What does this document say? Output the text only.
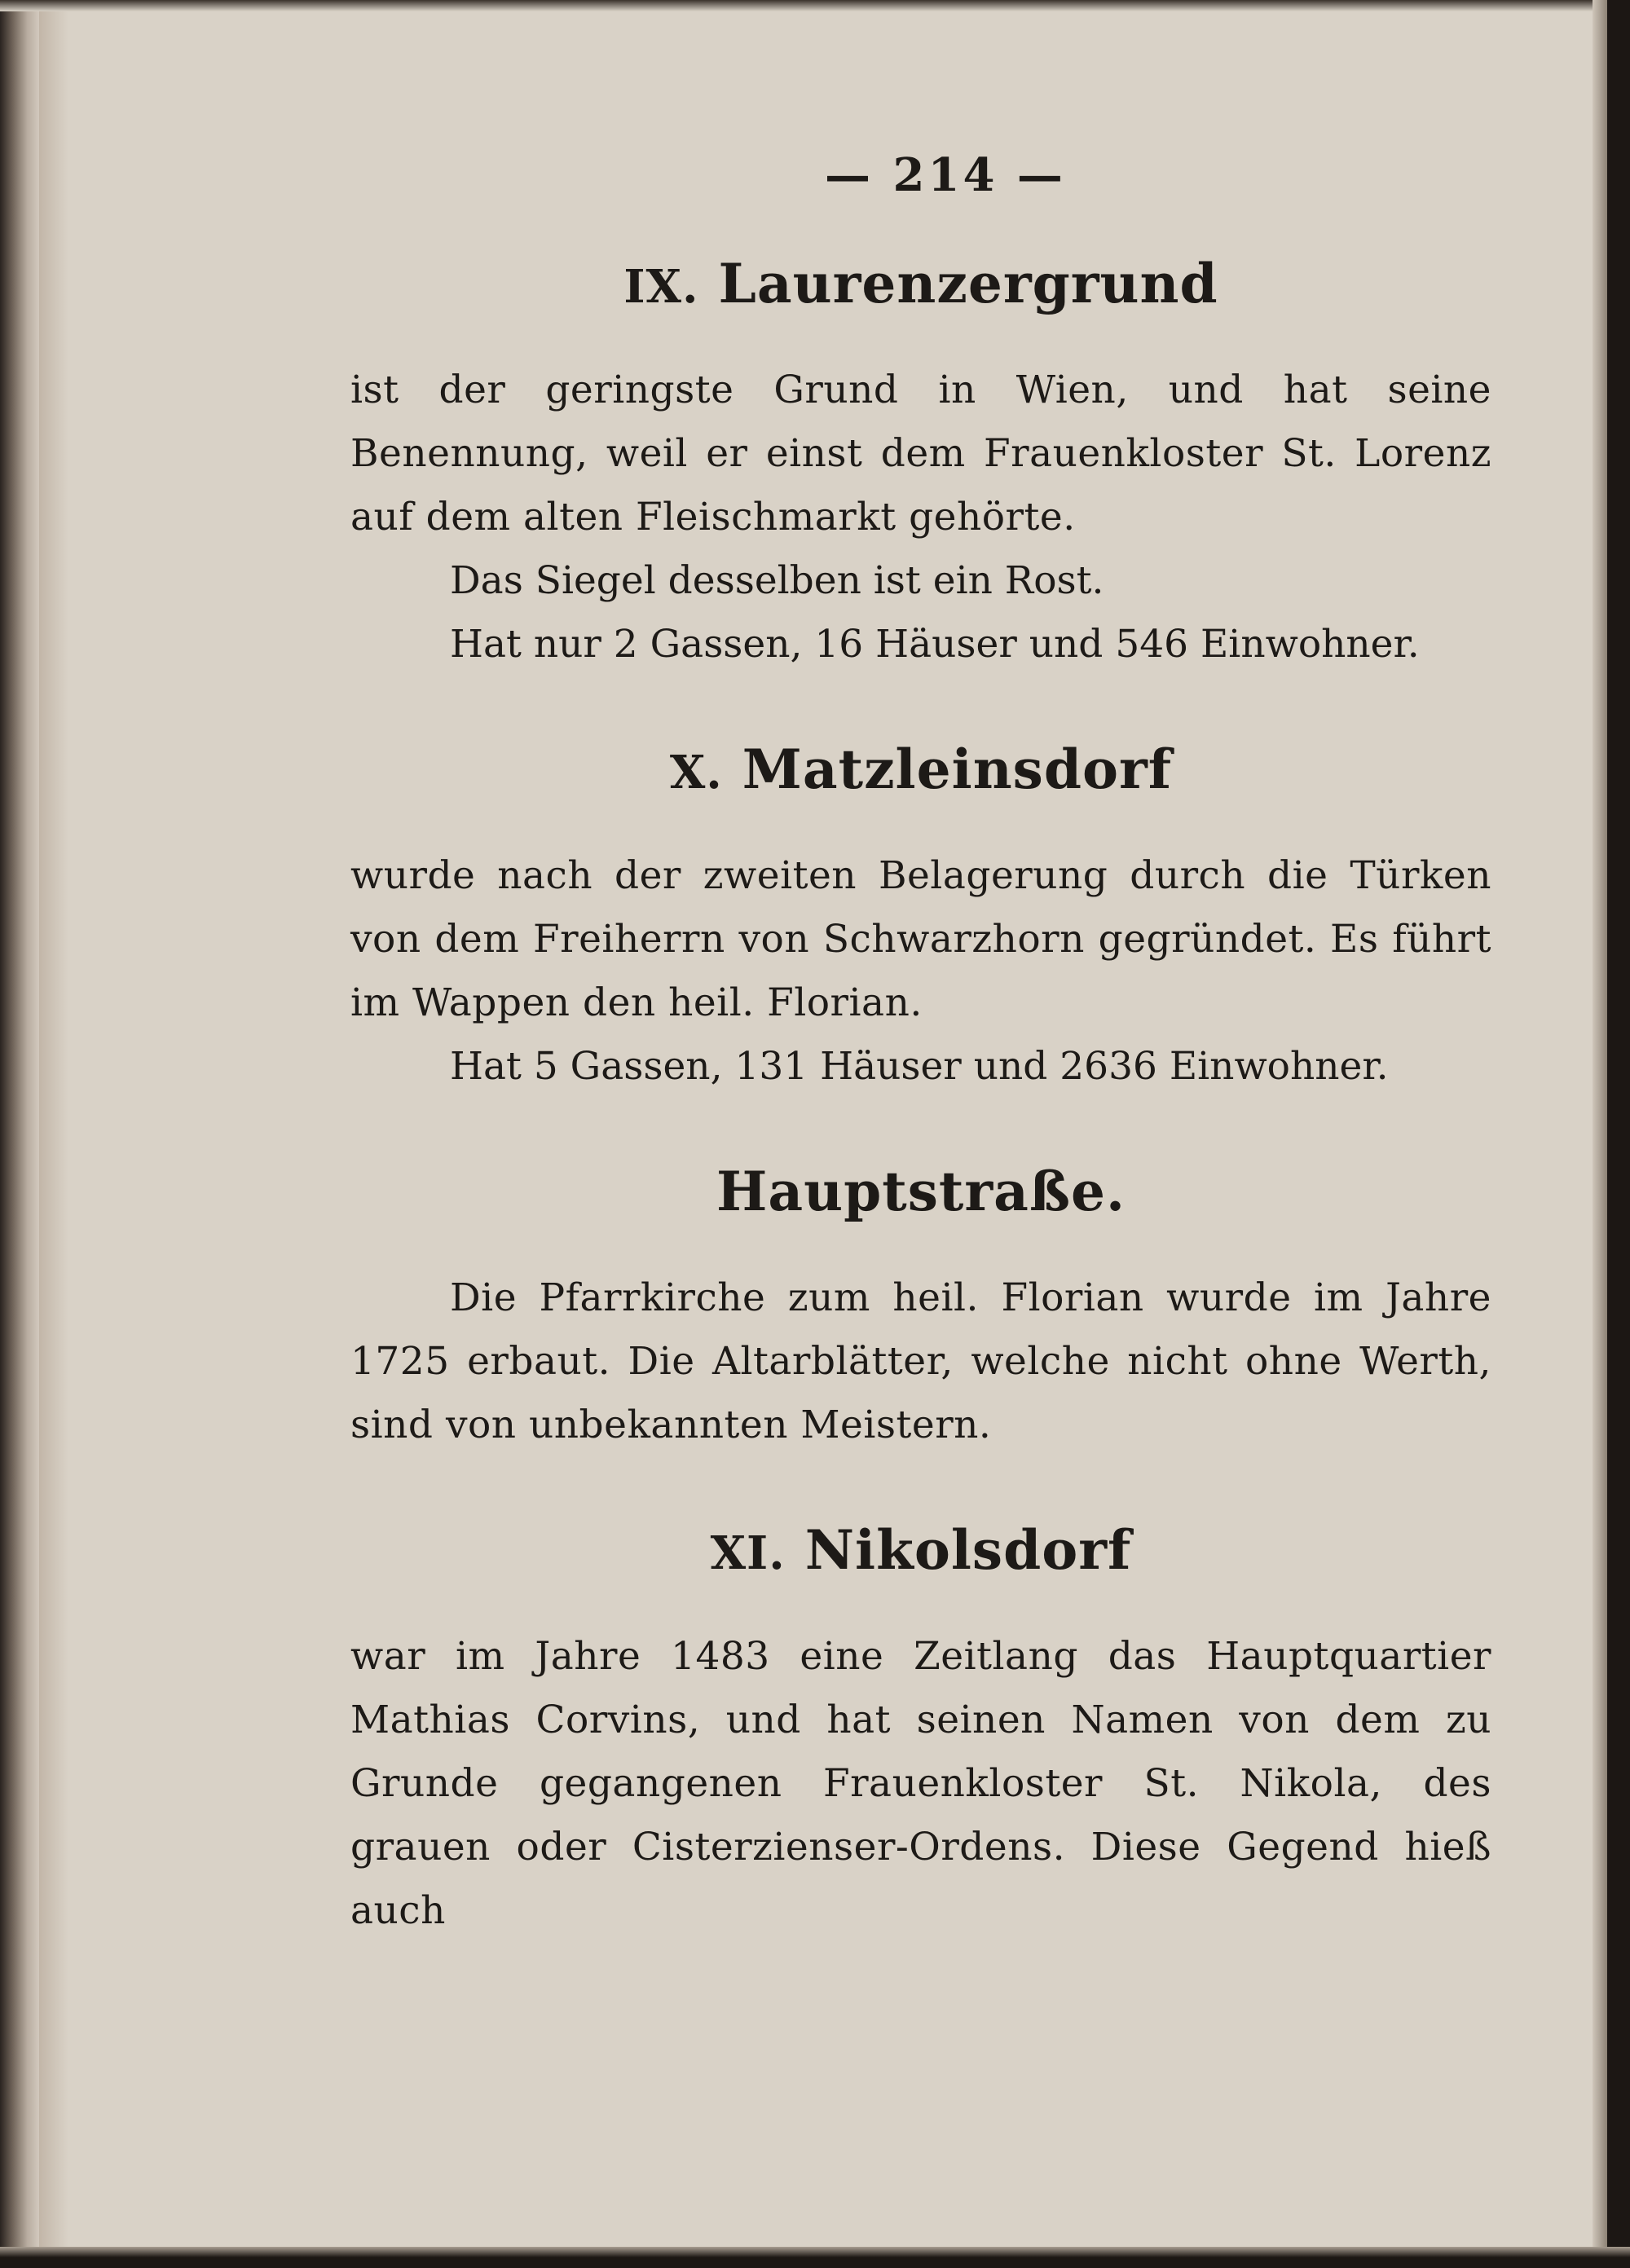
— 214 —
IX. Laurenzergrund

ist der geringste Grund in Wien, und hat seine Benennung, weil er einst dem Frauenkloster St. Lorenz auf dem alten Fleischmarkt gehörte.

Das Siegel desselben ist ein Rost.

Hat nur 2 Gassen, 16 Häuser und 546 Einwohner.

X. Matzleinsdorf

wurde nach der zweiten Belagerung durch die Türken von dem Freiherrn von Schwarzhorn gegründet. Es führt im Wappen den heil. Florian.

Hat 5 Gassen, 131 Häuser und 2636 Einwohner.

Hauptstraße.

Die Pfarrkirche zum heil. Florian wurde im Jahre 1725 erbaut. Die Altarblätter, welche nicht ohne Werth, sind von unbekannten Meistern.

XI. Nikolsdorf

war im Jahre 1483 eine Zeitlang das Hauptquartier Mathias Corvins, und hat seinen Namen von dem zu Grunde gegangenen Frauenkloster St. Nikola, des grauen oder Cisterzienser-Ordens. Diese Gegend hieß auch
